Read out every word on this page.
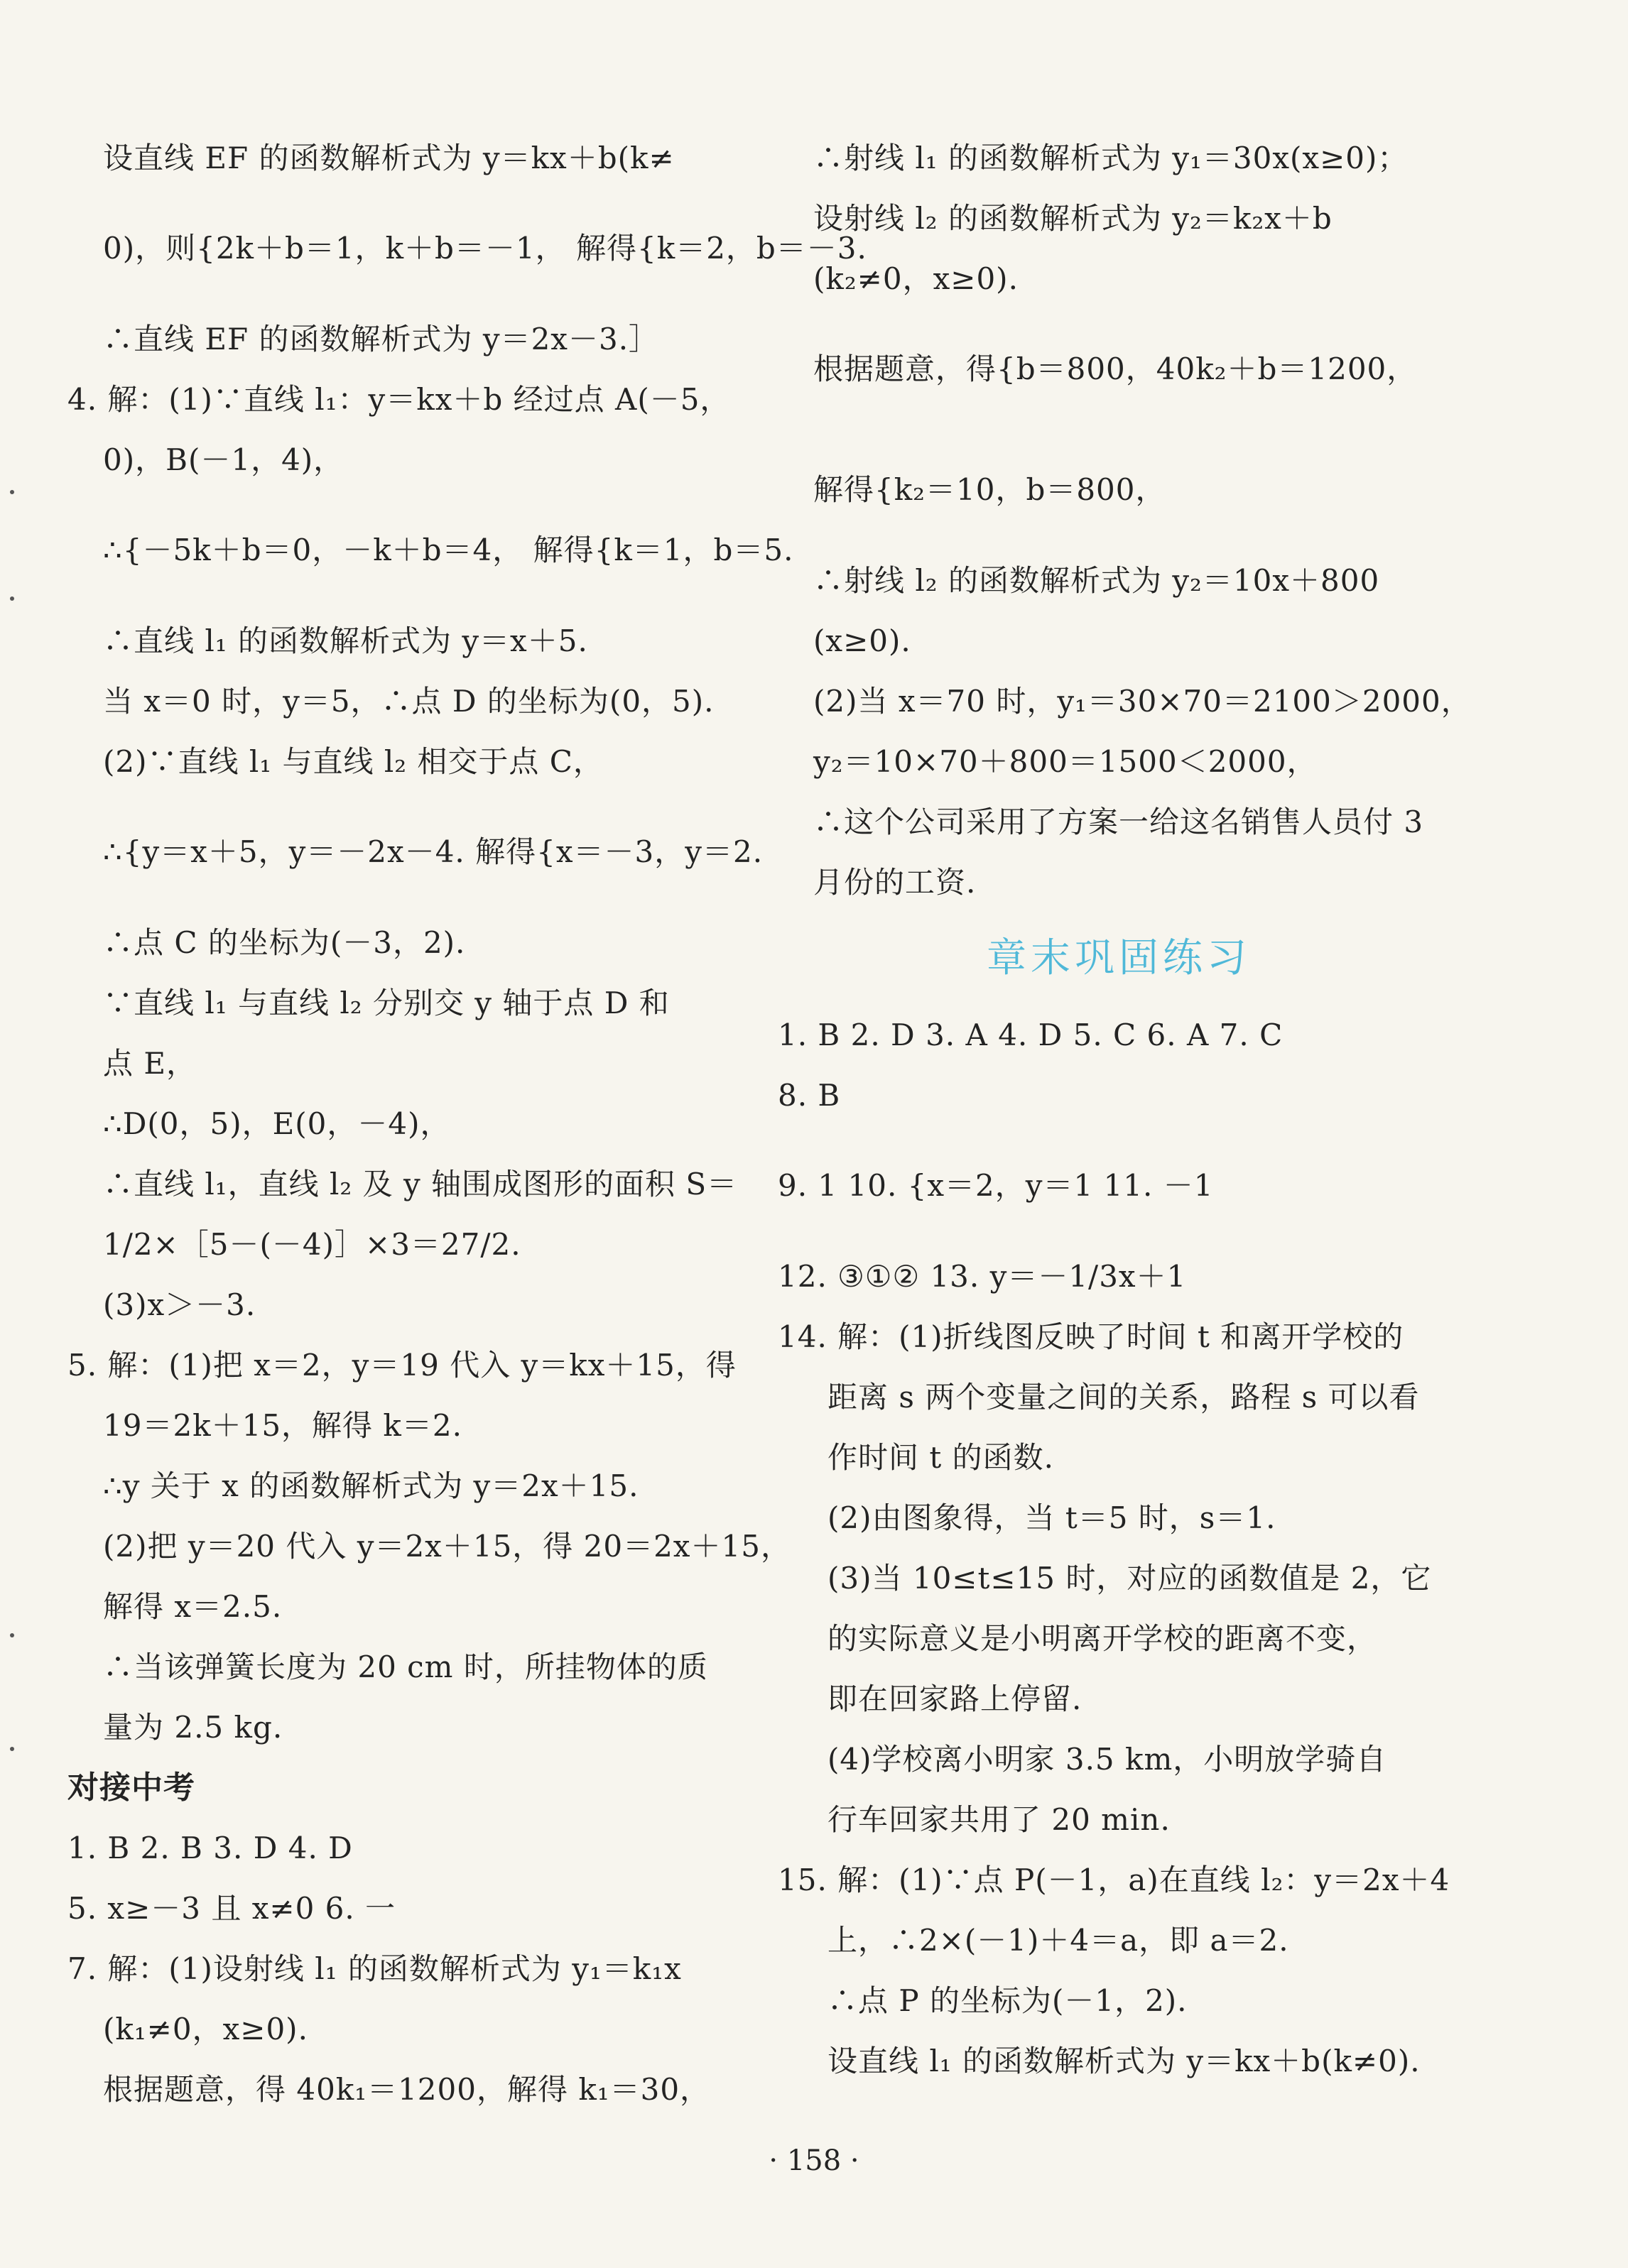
设直线 EF 的函数解析式为 y＝kx＋b(k≠
0)，则{2k＋b＝1，k＋b＝－1， 解得{k＝2，b＝－3.
∴直线 EF 的函数解析式为 y＝2x－3.］
4. 解：(1)∵直线 l₁：y＝kx＋b 经过点 A(－5，
0)，B(－1，4)，
∴{－5k＋b＝0，－k＋b＝4， 解得{k＝1，b＝5.
∴直线 l₁ 的函数解析式为 y＝x＋5.
当 x＝0 时，y＝5，∴点 D 的坐标为(0，5).
(2)∵直线 l₁ 与直线 l₂ 相交于点 C，
∴{y＝x＋5，y＝－2x－4. 解得{x＝－3，y＝2.
∴点 C 的坐标为(－3，2).
∵直线 l₁ 与直线 l₂ 分别交 y 轴于点 D 和
点 E，
∴D(0，5)，E(0，－4)，
∴直线 l₁，直线 l₂ 及 y 轴围成图形的面积 S＝
1/2×［5－(－4)］×3＝27/2.
(3)x＞－3.
5. 解：(1)把 x＝2，y＝19 代入 y＝kx＋15，得
19＝2k＋15，解得 k＝2.
∴y 关于 x 的函数解析式为 y＝2x＋15.
(2)把 y＝20 代入 y＝2x＋15，得 20＝2x＋15，
解得 x＝2.5.
∴当该弹簧长度为 20 cm 时，所挂物体的质
量为 2.5 kg.
对接中考
1. B 2. B 3. D 4. D
5. x≥－3 且 x≠0 6. 一
7. 解：(1)设射线 l₁ 的函数解析式为 y₁＝k₁x
(k₁≠0，x≥0).
根据题意，得 40k₁＝1200，解得 k₁＝30，
∴射线 l₁ 的函数解析式为 y₁＝30x(x≥0)；
设射线 l₂ 的函数解析式为 y₂＝k₂x＋b
(k₂≠0，x≥0).
根据题意，得{b＝800，40k₂＋b＝1200，
解得{k₂＝10，b＝800，
∴射线 l₂ 的函数解析式为 y₂＝10x＋800
(x≥0).
(2)当 x＝70 时，y₁＝30×70＝2100＞2000，
y₂＝10×70＋800＝1500＜2000，
∴这个公司采用了方案一给这名销售人员付 3
月份的工资.
章末巩固练习
1. B 2. D 3. A 4. D 5. C 6. A 7. C
8. B
9. 1 10. {x＝2，y＝1 11. －1
12. ③①② 13. y＝－1/3x＋1
14. 解：(1)折线图反映了时间 t 和离开学校的
距离 s 两个变量之间的关系，路程 s 可以看
作时间 t 的函数.
(2)由图象得，当 t＝5 时，s＝1.
(3)当 10≤t≤15 时，对应的函数值是 2，它
的实际意义是小明离开学校的距离不变，
即在回家路上停留.
(4)学校离小明家 3.5 km，小明放学骑自
行车回家共用了 20 min.
15. 解：(1)∵点 P(－1，a)在直线 l₂：y＝2x＋4
上，∴2×(－1)＋4＝a，即 a＝2.
∴点 P 的坐标为(－1，2).
设直线 l₁ 的函数解析式为 y＝kx＋b(k≠0).
· 158 ·
